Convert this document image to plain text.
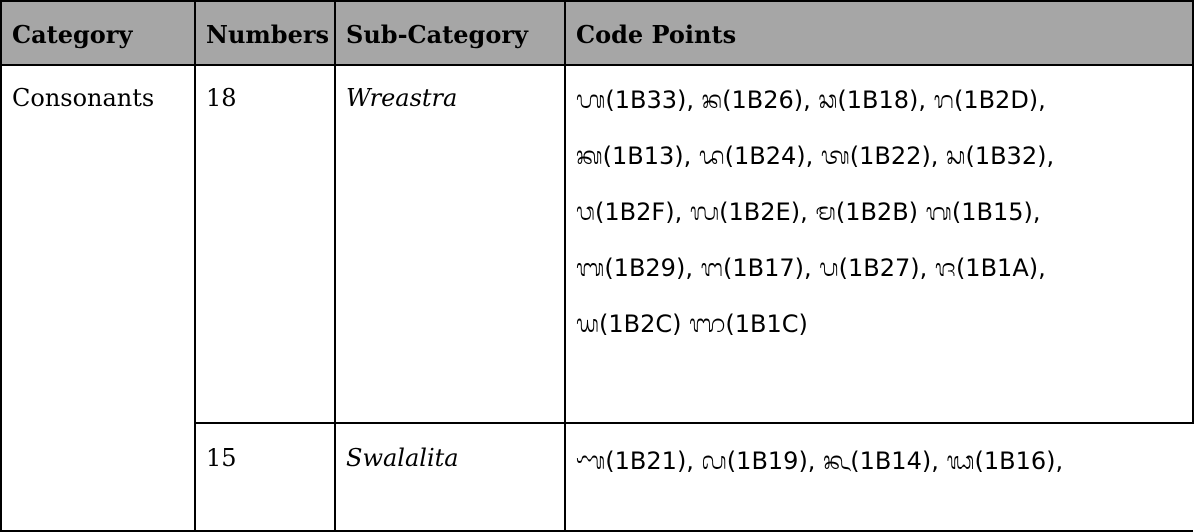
Category	Numbers	Sub-Category	Code Points
Consonants	18	Wreastra	ᬳ(1B33), ᬦ(1B26), ᬘ(1B18), ᬭ(1B2D),
ᬓ(1B13), ᬤ(1B24), ᬢ(1B22), ᬲ(1B32),
ᬯ(1B2F), ᬮ(1B2E), ᬫ(1B2B) ᬕ(1B15),
ᬩ(1B29), ᬗ(1B17), ᬧ(1B27), ᬚ(1B1A),
ᬬ(1B2C) ᬜ(1B1C)

	15	Swalalita	ᬡ(1B21), ᬙ(1B19), ᬔ(1B14), ᬖ(1B16),
